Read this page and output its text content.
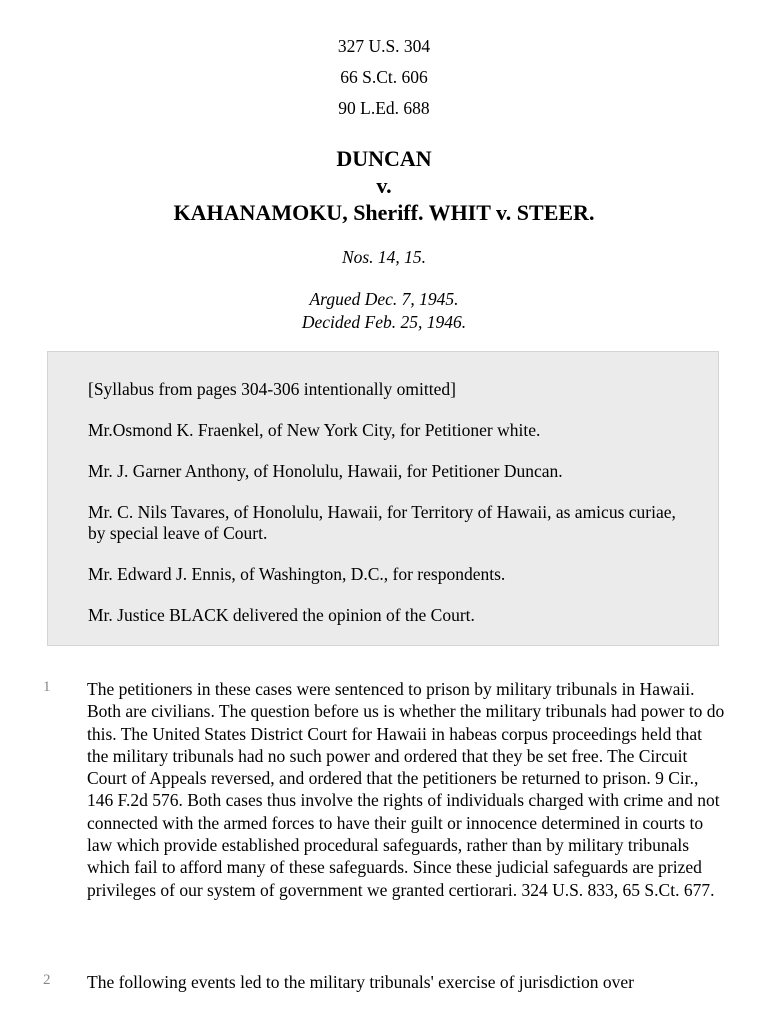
327 U.S. 304
66 S.Ct. 606
90 L.Ed. 688
DUNCAN
v.
KAHANAMOKU, Sheriff. WHIT v. STEER.
Nos. 14, 15.
Argued Dec. 7, 1945.
Decided Feb. 25, 1946.

[Syllabus from pages 304-306 intentionally omitted]

Mr.Osmond K. Fraenkel, of New York City, for Petitioner white.

Mr. J. Garner Anthony, of Honolulu, Hawaii, for Petitioner Duncan.

Mr. C. Nils Tavares, of Honolulu, Hawaii, for Territory of Hawaii, as amicus curiae, by special leave of Court.

Mr. Edward J. Ennis, of Washington, D.C., for respondents.

Mr. Justice BLACK delivered the opinion of the Court.

1 The petitioners in these cases were sentenced to prison by military tribunals in Hawaii. Both are civilians. The question before us is whether the military tribunals had power to do this. The United States District Court for Hawaii in habeas corpus proceedings held that the military tribunals had no such power and ordered that they be set free. The Circuit Court of Appeals reversed, and ordered that the petitioners be returned to prison. 9 Cir., 146 F.2d 576. Both cases thus involve the rights of individuals charged with crime and not connected with the armed forces to have their guilt or innocence determined in courts to law which provide established procedural safeguards, rather than by military tribunals which fail to afford many of these safeguards. Since these judicial safeguards are prized privileges of our system of government we granted certiorari. 324 U.S. 833, 65 S.Ct. 677.

2 The following events led to the military tribunals' exercise of jurisdiction over
